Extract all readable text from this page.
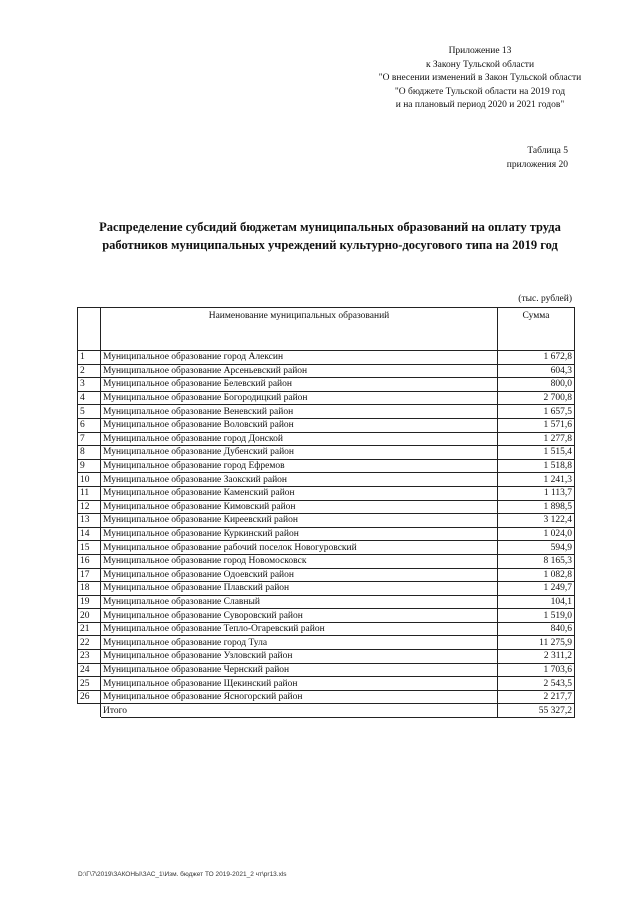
Приложение 13
к Закону Тульской области
"О внесении изменений в Закон Тульской области
"О бюджете Тульской области на 2019 год
и на плановый период 2020 и 2021 годов"
Таблица 5
приложения 20
Распределение субсидий бюджетам муниципальных образований на оплату труда
работников муниципальных учреждений культурно-досугового типа на 2019 год
(тыс. рублей)
	Наименование муниципальных образований	Сумма
1	Муниципальное образование город Алексин	1 672,8
2	Муниципальное образование Арсеньевский район	604,3
3	Муниципальное образование Белевский район	800,0
4	Муниципальное образование Богородицкий район	2 700,8
5	Муниципальное образование Веневский район	1 657,5
6	Муниципальное образование Воловский район	1 571,6
7	Муниципальное образование город Донской	1 277,8
8	Муниципальное образование Дубенский район	1 515,4
9	Муниципальное образование город Ефремов	1 518,8
10	Муниципальное образование Заокский район	1 241,3
11	Муниципальное образование Каменский район	1 113,7
12	Муниципальное образование Кимовский район	1 898,5
13	Муниципальное образование Киреевский район	3 122,4
14	Муниципальное образование Куркинский район	1 024,0
15	Муниципальное образование рабочий поселок Новогуровский	594,9
16	Муниципальное образование город Новомосковск	8 165,3
17	Муниципальное образование Одоевский район	1 082,8
18	Муниципальное образование Плавский район	1 249,7
19	Муниципальное образование Славный	104,1
20	Муниципальное образование Суворовский район	1 519,0
21	Муниципальное образование Тепло-Огаревский район	840,6
22	Муниципальное образование город Тула	11 275,9
23	Муниципальное образование Узловский район	2 311,2
24	Муниципальное образование Чернский район	1 703,6
25	Муниципальное образование Щекинский район	2 543,5
26	Муниципальное образование Ясногорский район	2 217,7
	Итого	55 327,2
D:\Г\7\2019\ЗАКОНЫ\ЗАС_1\Изм. бюджет ТО 2019-2021_2 чт\pr13.xls
